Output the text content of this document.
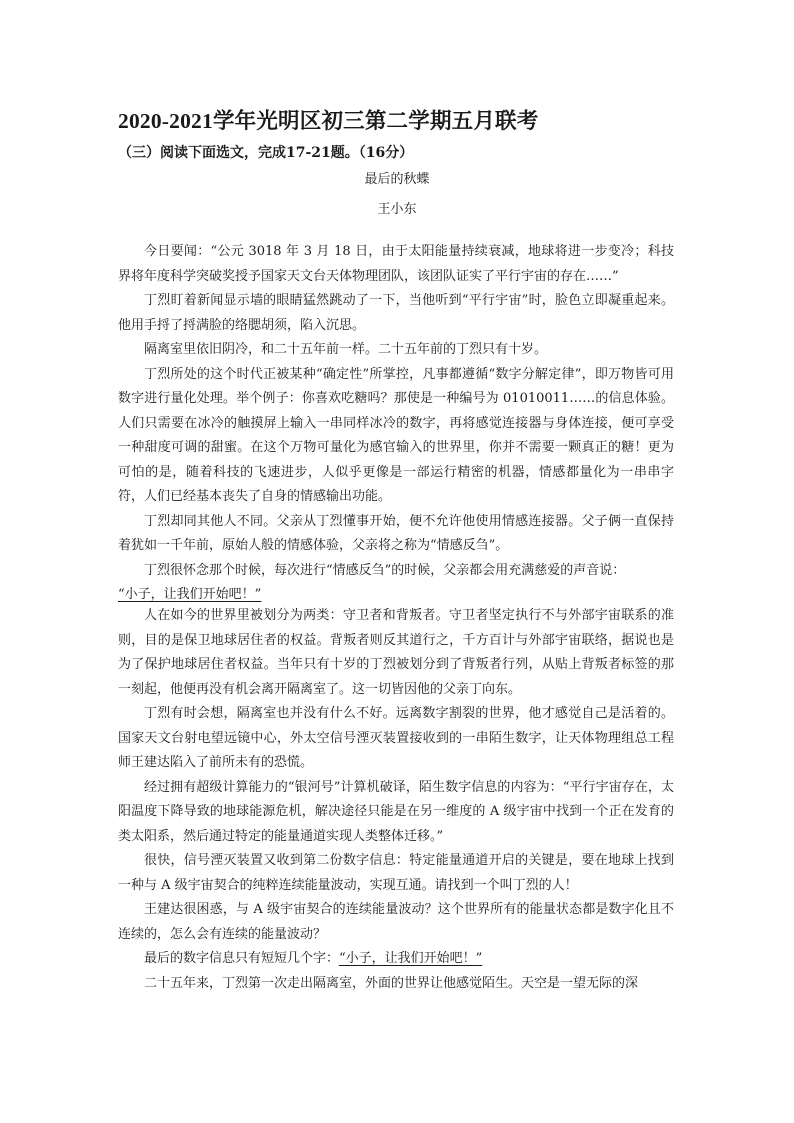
2020-2021学年光明区初三第二学期五月联考
（三）阅读下面选文，完成17-21题。（16分）

最后的秋蝶

王小东

今日要闻：“公元 3018 年 3 月 18 日，由于太阳能量持续衰减，地球将进一步变冷；科技界将年度科学突破奖授予国家天文台天体物理团队，该团队证实了平行宇宙的存在……”

丁烈盯着新闻显示墙的眼睛猛然跳动了一下，当他听到“平行宇宙”时，脸色立即凝重起来。他用手捋了捋满脸的络腮胡须，陷入沉思。

隔离室里依旧阴冷，和二十五年前一样。二十五年前的丁烈只有十岁。

丁烈所处的这个时代正被某种“确定性”所掌控，凡事都遵循“数字分解定律”，即万物皆可用数字进行量化处理。举个例子：你喜欢吃糖吗？那使是一种编号为 01010011……的信息体验。人们只需要在冰冷的触摸屏上输入一串同样冰冷的数字，再将感觉连接器与身体连接，便可享受一种甜度可调的甜蜜。在这个万物可量化为感官输入的世界里，你并不需要一颗真正的糖！更为可怕的是，随着科技的飞速进步，人似乎更像是一部运行精密的机器，情感都量化为一串串字符，人们已经基本丧失了自身的情感输出功能。

丁烈却同其他人不同。父亲从丁烈懂事开始，便不允许他使用情感连接器。父子俩一直保持着犹如一千年前，原始人般的情感体验，父亲将之称为“情感反刍”。

丁烈很怀念那个时候，每次进行“情感反刍”的时候，父亲都会用充满慈爱的声音说：

“小子，让我们开始吧！”

人在如今的世界里被划分为两类：守卫者和背叛者。守卫者坚定执行不与外部宇宙联系的准则，目的是保卫地球居住者的权益。背叛者则反其道行之，千方百计与外部宇宙联络，据说也是为了保护地球居住者权益。当年只有十岁的丁烈被划分到了背叛者行列，从贴上背叛者标签的那一刻起，他便再没有机会离开隔离室了。这一切皆因他的父亲丁向东。

丁烈有时会想，隔离室也并没有什么不好。远离数字割裂的世界，他才感觉自己是活着的。国家天文台射电望远镜中心，外太空信号湮灭装置接收到的一串陌生数字，让天体物理组总工程师王建达陷入了前所未有的恐慌。

经过拥有超级计算能力的“银河号”计算机破译，陌生数字信息的内容为：“平行宇宙存在，太阳温度下降导致的地球能源危机，解决途径只能是在另一维度的 A 级宇宙中找到一个正在发育的类太阳系，然后通过特定的能量通道实现人类整体迁移。”

很快，信号湮灭装置又收到第二份数字信息：特定能量通道开启的关键是，要在地球上找到一种与 A 级宇宙契合的纯粹连续能量波动，实现互通。请找到一个叫丁烈的人！

王建达很困惑，与 A 级宇宙契合的连续能量波动？这个世界所有的能量状态都是数字化且不连续的，怎么会有连续的能量波动？

最后的数字信息只有短短几个字：“小子，让我们开始吧！”

二十五年来，丁烈第一次走出隔离室，外面的世界让他感觉陌生。天空是一望无际的深
